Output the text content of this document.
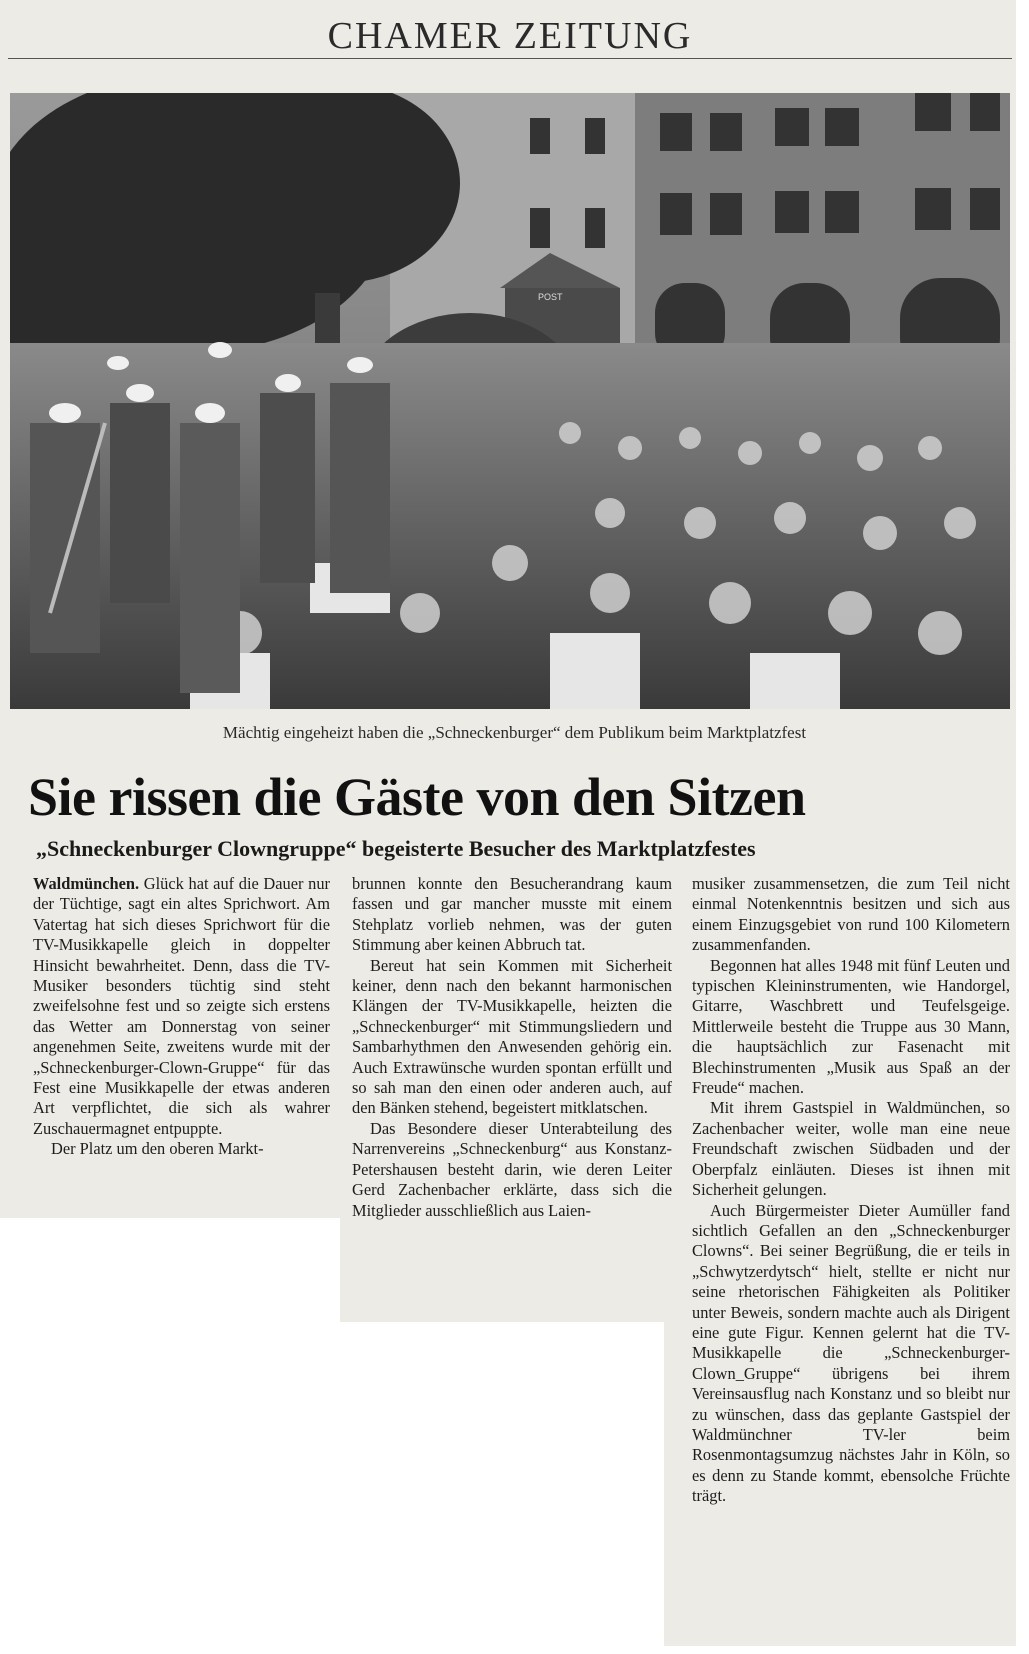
CHAMER ZEITUNG
POST
Mächtig eingeheizt haben die „Schneckenburger“ dem Publikum beim Marktplatzfest
Sie rissen die Gäste von den Sitzen
„Schneckenburger Clowngruppe“ begeisterte Besucher des Marktplatzfestes

Waldmünchen. Glück hat auf die Dauer nur der Tüchtige, sagt ein altes Sprichwort. Am Vatertag hat sich dieses Sprichwort für die TV-Musikkapelle gleich in doppelter Hinsicht bewahrheitet. Denn, dass die TV-Musiker besonders tüchtig sind steht zweifelsohne fest und so zeigte sich erstens das Wetter am Donnerstag von seiner angenehmen Seite, zweitens wurde mit der „Schneckenburger-Clown-Gruppe“ für das Fest eine Musikkapelle der etwas anderen Art verpflichtet, die sich als wahrer Zuschauermagnet entpuppte.

Der Platz um den oberen Markt-

brunnen konnte den Besucherandrang kaum fassen und gar mancher musste mit einem Stehplatz vorlieb nehmen, was der guten Stimmung aber keinen Abbruch tat.

Bereut hat sein Kommen mit Sicherheit keiner, denn nach den bekannt harmonischen Klängen der TV-Musikkapelle, heizten die „Schneckenburger“ mit Stimmungsliedern und Sambarhythmen den Anwesenden gehörig ein. Auch Extrawünsche wurden spontan erfüllt und so sah man den einen oder anderen auch, auf den Bänken stehend, begeistert mitklatschen.

Das Besondere dieser Unterabteilung des Narrenvereins „Schneckenburg“ aus Konstanz-Petershausen besteht darin, wie deren Leiter Gerd Zachenbacher erklärte, dass sich die Mitglieder ausschließlich aus Laien-

musiker zusammensetzen, die zum Teil nicht einmal Notenkenntnis besitzen und sich aus einem Einzugsgebiet von rund 100 Kilometern zusammenfanden.

Begonnen hat alles 1948 mit fünf Leuten und typischen Kleininstrumenten, wie Handorgel, Gitarre, Waschbrett und Teufelsgeige. Mittlerweile besteht die Truppe aus 30 Mann, die hauptsächlich zur Fasenacht mit Blechinstrumenten „Musik aus Spaß an der Freude“ machen.

Mit ihrem Gastspiel in Waldmünchen, so Zachenbacher weiter, wolle man eine neue Freundschaft zwischen Südbaden und der Oberpfalz einläuten. Dieses ist ihnen mit Sicherheit gelungen.

Auch Bürgermeister Dieter Aumüller fand sichtlich Gefallen an den „Schneckenburger Clowns“. Bei seiner Begrüßung, die er teils in „Schwytzerdytsch“ hielt, stellte er nicht nur seine rhetorischen Fähigkeiten als Politiker unter Beweis, sondern machte auch als Dirigent eine gute Figur. Kennen gelernt hat die TV-Musikkapelle die „Schneckenburger-Clown_Gruppe“ übrigens bei ihrem Vereinsausflug nach Konstanz und so bleibt nur zu wünschen, dass das geplante Gastspiel der Waldmünchner TV-ler beim Rosenmontagsumzug nächstes Jahr in Köln, so es denn zu Stande kommt, ebensolche Früchte trägt.
